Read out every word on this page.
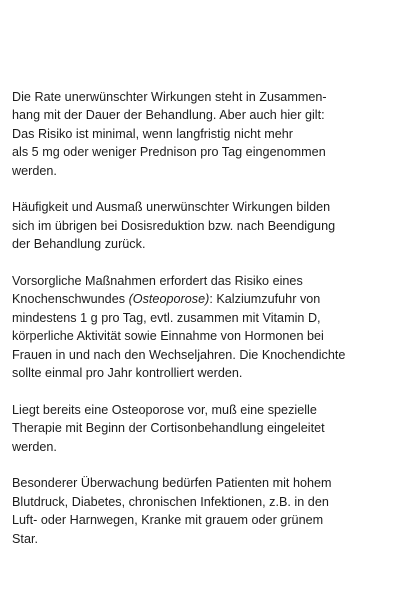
Die Rate unerwünschter Wirkungen steht in Zusammen-
hang mit der Dauer der Behandlung. Aber auch hier gilt:
Das Risiko ist minimal, wenn langfristig nicht mehr
als 5 mg oder weniger Prednison pro Tag eingenommen
werden.

Häufigkeit und Ausmaß unerwünschter Wirkungen bilden
sich im übrigen bei Dosisreduktion bzw. nach Beendigung
der Behandlung zurück.

Vorsorgliche Maßnahmen erfordert das Risiko eines
Knochenschwundes (Osteoporose): Kalziumzufuhr von
mindestens 1 g pro Tag, evtl. zusammen mit Vitamin D,
körperliche Aktivität sowie Einnahme von Hormonen bei
Frauen in und nach den Wechseljahren. Die Knochendichte
sollte einmal pro Jahr kontrolliert werden.

Liegt bereits eine Osteoporose vor, muß eine spezielle
Therapie mit Beginn der Cortisonbehandlung eingeleitet
werden.

Besonderer Überwachung bedürfen Patienten mit hohem
Blutdruck, Diabetes, chronischen Infektionen, z.B. in den
Luft- oder Harnwegen, Kranke mit grauem oder grünem
Star.
